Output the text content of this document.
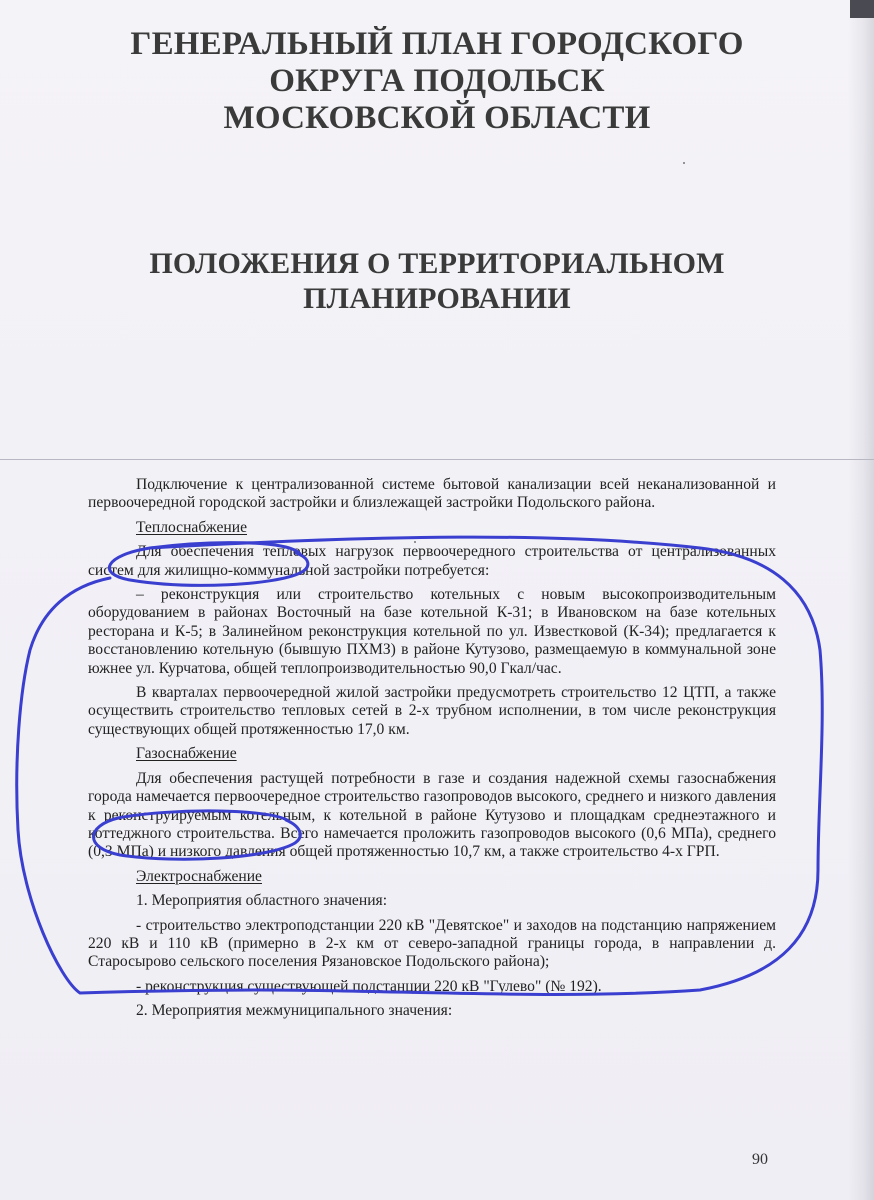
ГЕНЕРАЛЬНЫЙ ПЛАН ГОРОДСКОГО
ОКРУГА ПОДОЛЬСК
МОСКОВСКОЙ ОБЛАСТИ
ПОЛОЖЕНИЯ О ТЕРРИТОРИАЛЬНОМ
ПЛАНИРОВАНИИ

Подключение к централизованной системе бытовой канализации всей неканализованной и первоочередной городской застройки и близлежащей застройки Подольского района.

Теплоснабжение

Для обеспечения тепловых нагрузок первоочередного строительства от централизованных систем для жилищно-коммунальной застройки потребуется:

– реконструкция или строительство котельных с новым высокопроизводительным оборудованием в районах Восточный на базе котельной К-31; в Ивановском на базе котельных ресторана и К-5; в Залинейном реконструкция котельной по ул. Известковой (К-34); предлагается к восстановлению котельную (бывшую ПХМЗ) в районе Кутузово, размещаемую в коммунальной зоне южнее ул. Курчатова, общей теплопроизводительностью 90,0 Гкал/час.

В кварталах первоочередной жилой застройки предусмотреть строительство 12 ЦТП, а также осуществить строительство тепловых сетей в 2-х трубном исполнении, в том числе реконструкция существующих общей протяженностью 17,0 км.

Газоснабжение

Для обеспечения растущей потребности в газе и создания надежной схемы газоснабжения города намечается первоочередное строительство газопроводов высокого, среднего и низкого давления к реконструируемым котельным, к котельной в районе Кутузово и площадкам среднеэтажного и коттеджного строительства. Всего намечается проложить газопроводов высокого (0,6 МПа), среднего (0,3 МПа) и низкого давления общей протяженностью 10,7 км, а также строительство 4-х ГРП.

Электроснабжение

1. Мероприятия областного значения:

- строительство электроподстанции 220 кВ "Девятское" и заходов на подстанцию напряжением 220 кВ и 110 кВ (примерно в 2-х км от северо-западной границы города, в направлении д. Старосырово сельского поселения Рязановское Подольского района);

- реконструкция существующей подстанции 220 кВ "Гулево" (№ 192).

2. Мероприятия межмуниципального значения:

90
